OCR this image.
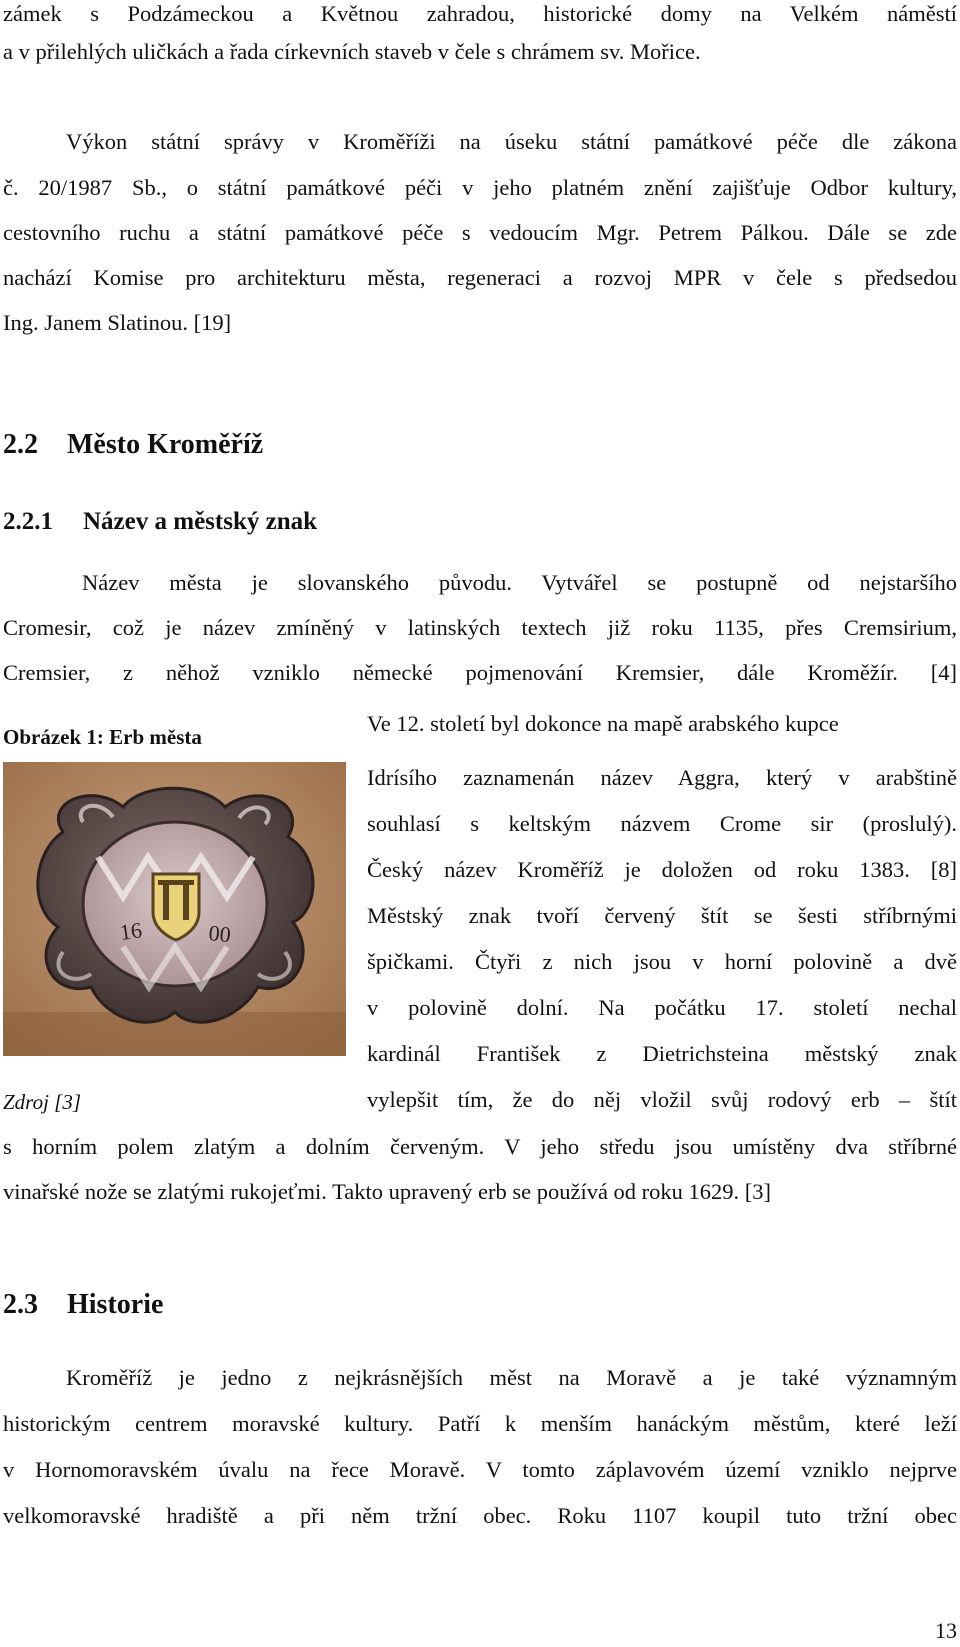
zámek s Podzámeckou a Květnou zahradou, historické domy na Velkém náměstí
a v přilehlých uličkách a řada církevních staveb v čele s chrámem sv. Mořice.
Výkon státní správy v Kroměříži na úseku státní památkové péče dle zákona
č. 20/1987 Sb., o státní památkové péči v jeho platném znění zajišťuje Odbor kultury,
cestovního ruchu a státní památkové péče s vedoucím Mgr. Petrem Pálkou. Dále se zde
nachází Komise pro architekturu města, regeneraci a rozvoj MPR v čele s předsedou
Ing. Janem Slatinou. [19]
2.2 Město Kroměříž
2.2.1 Název a městský znak
Název města je slovanského původu. Vytvářel se postupně od nejstaršího
Cromesir, což je název zmíněný v latinských textech již roku 1135, přes Cremsirium,
Cremsier, z něhož vzniklo německé pojmenování Kremsier, dále Kroměžír. [4]
Obrázek 1: Erb města
16	00
Zdroj [3]
Ve 12. století byl dokonce na mapě arabského kupce
Idrísího zaznamenán název Aggra, který v arabštině
souhlasí s keltským názvem Crome sir (proslulý).
Český název Kroměříž je doložen od roku 1383. [8]
Městský znak tvoří červený štít se šesti stříbrnými
špičkami. Čtyři z nich jsou v horní polovině a dvě
v polovině dolní. Na počátku 17. století nechal
kardinál František z Dietrichsteina městský znak
vylepšit tím, že do něj vložil svůj rodový erb – štít
s horním polem zlatým a dolním červeným. V jeho středu jsou umístěny dva stříbrné
vinařské nože se zlatými rukojeťmi. Takto upravený erb se používá od roku 1629. [3]
2.3 Historie
Kroměříž je jedno z nejkrásnějších měst na Moravě a je také významným
historickým centrem moravské kultury. Patří k menším hanáckým městům, které leží
v Hornomoravském úvalu na řece Moravě. V tomto záplavovém území vzniklo nejprve
velkomoravské hradiště a při něm tržní obec. Roku 1107 koupil tuto tržní obec
13
